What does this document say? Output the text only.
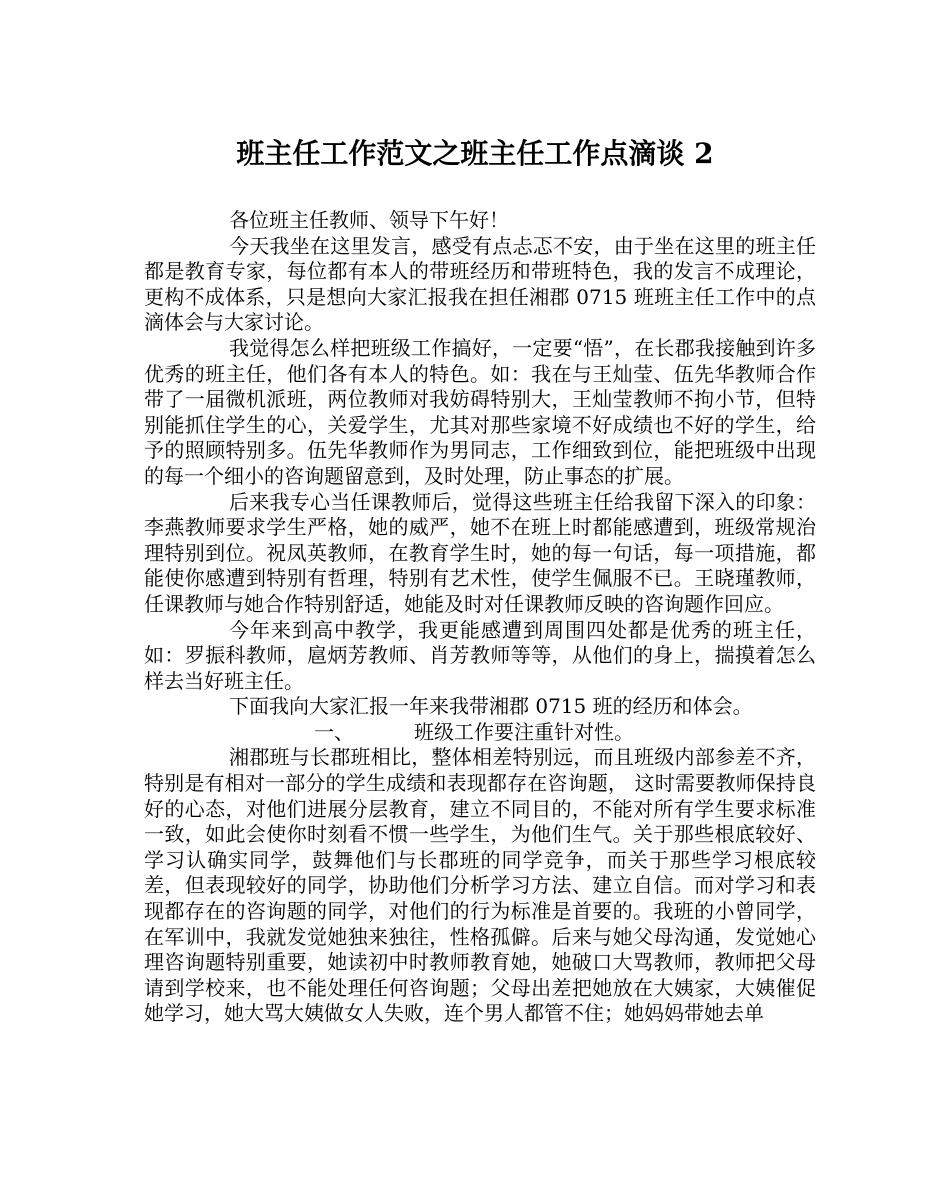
班主任工作范文之班主任工作点滴谈 2

各位班主任教师、领导下午好！

今天我坐在这里发言，感受有点忐忑不安，由于坐在这里的班主任都是教育专家，每位都有本人的带班经历和带班特色，我的发言不成理论，更构不成体系，只是想向大家汇报我在担任湘郡 0715 班班主任工作中的点滴体会与大家讨论。

我觉得怎么样把班级工作搞好，一定要“悟”，在长郡我接触到许多优秀的班主任，他们各有本人的特色。如：我在与王灿莹、伍先华教师合作带了一届微机派班，两位教师对我妨碍特别大，王灿莹教师不拘小节，但特别能抓住学生的心，关爱学生，尤其对那些家境不好成绩也不好的学生，给予的照顾特别多。伍先华教师作为男同志，工作细致到位，能把班级中出现的每一个细小的咨询题留意到，及时处理，防止事态的扩展。

后来我专心当任课教师后，觉得这些班主任给我留下深入的印象：李燕教师要求学生严格，她的威严，她不在班上时都能感遭到，班级常规治理特别到位。祝凤英教师，在教育学生时，她的每一句话，每一项措施，都能使你感遭到特别有哲理，特别有艺术性，使学生佩服不已。王晓瑾教师，任课教师与她合作特别舒适，她能及时对任课教师反映的咨询题作回应。

今年来到高中教学，我更能感遭到周围四处都是优秀的班主任，如：罗振科教师，扈炳芳教师、肖芳教师等等，从他们的身上，揣摸着怎么样去当好班主任。

下面我向大家汇报一年来我带湘郡 0715 班的经历和体会。

一、	班级工作要注重针对性。

湘郡班与长郡班相比，整体相差特别远，而且班级内部参差不齐，特别是有相对一部分的学生成绩和表现都存在咨询题， 这时需要教师保持良好的心态，对他们进展分层教育，建立不同目的，不能对所有学生要求标准一致，如此会使你时刻看不惯一些学生，为他们生气。关于那些根底较好、学习认确实同学，鼓舞他们与长郡班的同学竞争，而关于那些学习根底较差，但表现较好的同学，协助他们分析学习方法、建立自信。而对学习和表现都存在的咨询题的同学，对他们的行为标准是首要的。我班的小曾同学，在军训中，我就发觉她独来独往，性格孤僻。后来与她父母沟通，发觉她心理咨询题特别重要，她读初中时教师教育她，她破口大骂教师，教师把父母请到学校来，也不能处理任何咨询题；父母出差把她放在大姨家，大姨催促她学习，她大骂大姨做女人失败，连个男人都管不住；她妈妈带她去单
